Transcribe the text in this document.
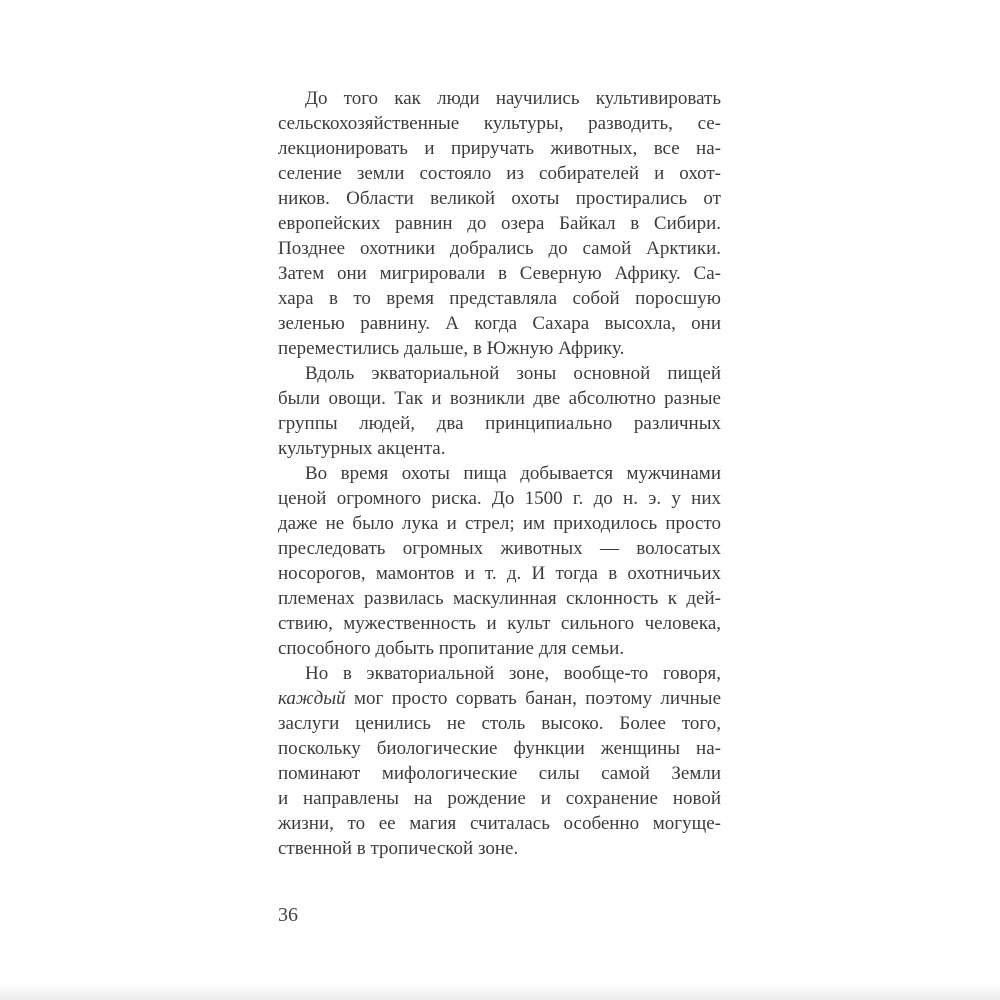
До того как люди научились культивировать
сельскохозяйственные культуры, разводить, се-
лекционировать и приручать животных, все на-
селение земли состояло из собирателей и охот-
ников. Области великой охоты простирались от
европейских равнин до озера Байкал в Сибири.
Позднее охотники добрались до самой Арктики.
Затем они мигрировали в Северную Африку. Са-
хара в то время представляла собой поросшую
зеленью равнину. А когда Сахара высохла, они
переместились дальше, в Южную Африку.

Вдоль экваториальной зоны основной пищей
были овощи. Так и возникли две абсолютно разные
группы людей, два принципиально различных
культурных акцента.

Во время охоты пища добывается мужчинами
ценой огромного риска. До 1500 г. до н. э. у них
даже не было лука и стрел; им приходилось просто
преследовать огромных животных — волосатых
носорогов, мамонтов и т. д. И тогда в охотничьих
племенах развилась маскулинная склонность к дей-
ствию, мужественность и культ сильного человека,
способного добыть пропитание для семьи.

Но в экваториальной зоне, вообще-то говоря,
каждый мог просто сорвать банан, поэтому личные
заслуги ценились не столь высоко. Более того,
поскольку биологические функции женщины на-
поминают мифологические силы самой Земли
и направлены на рождение и сохранение новой
жизни, то ее магия считалась особенно могуще-
ственной в тропической зоне.

36
